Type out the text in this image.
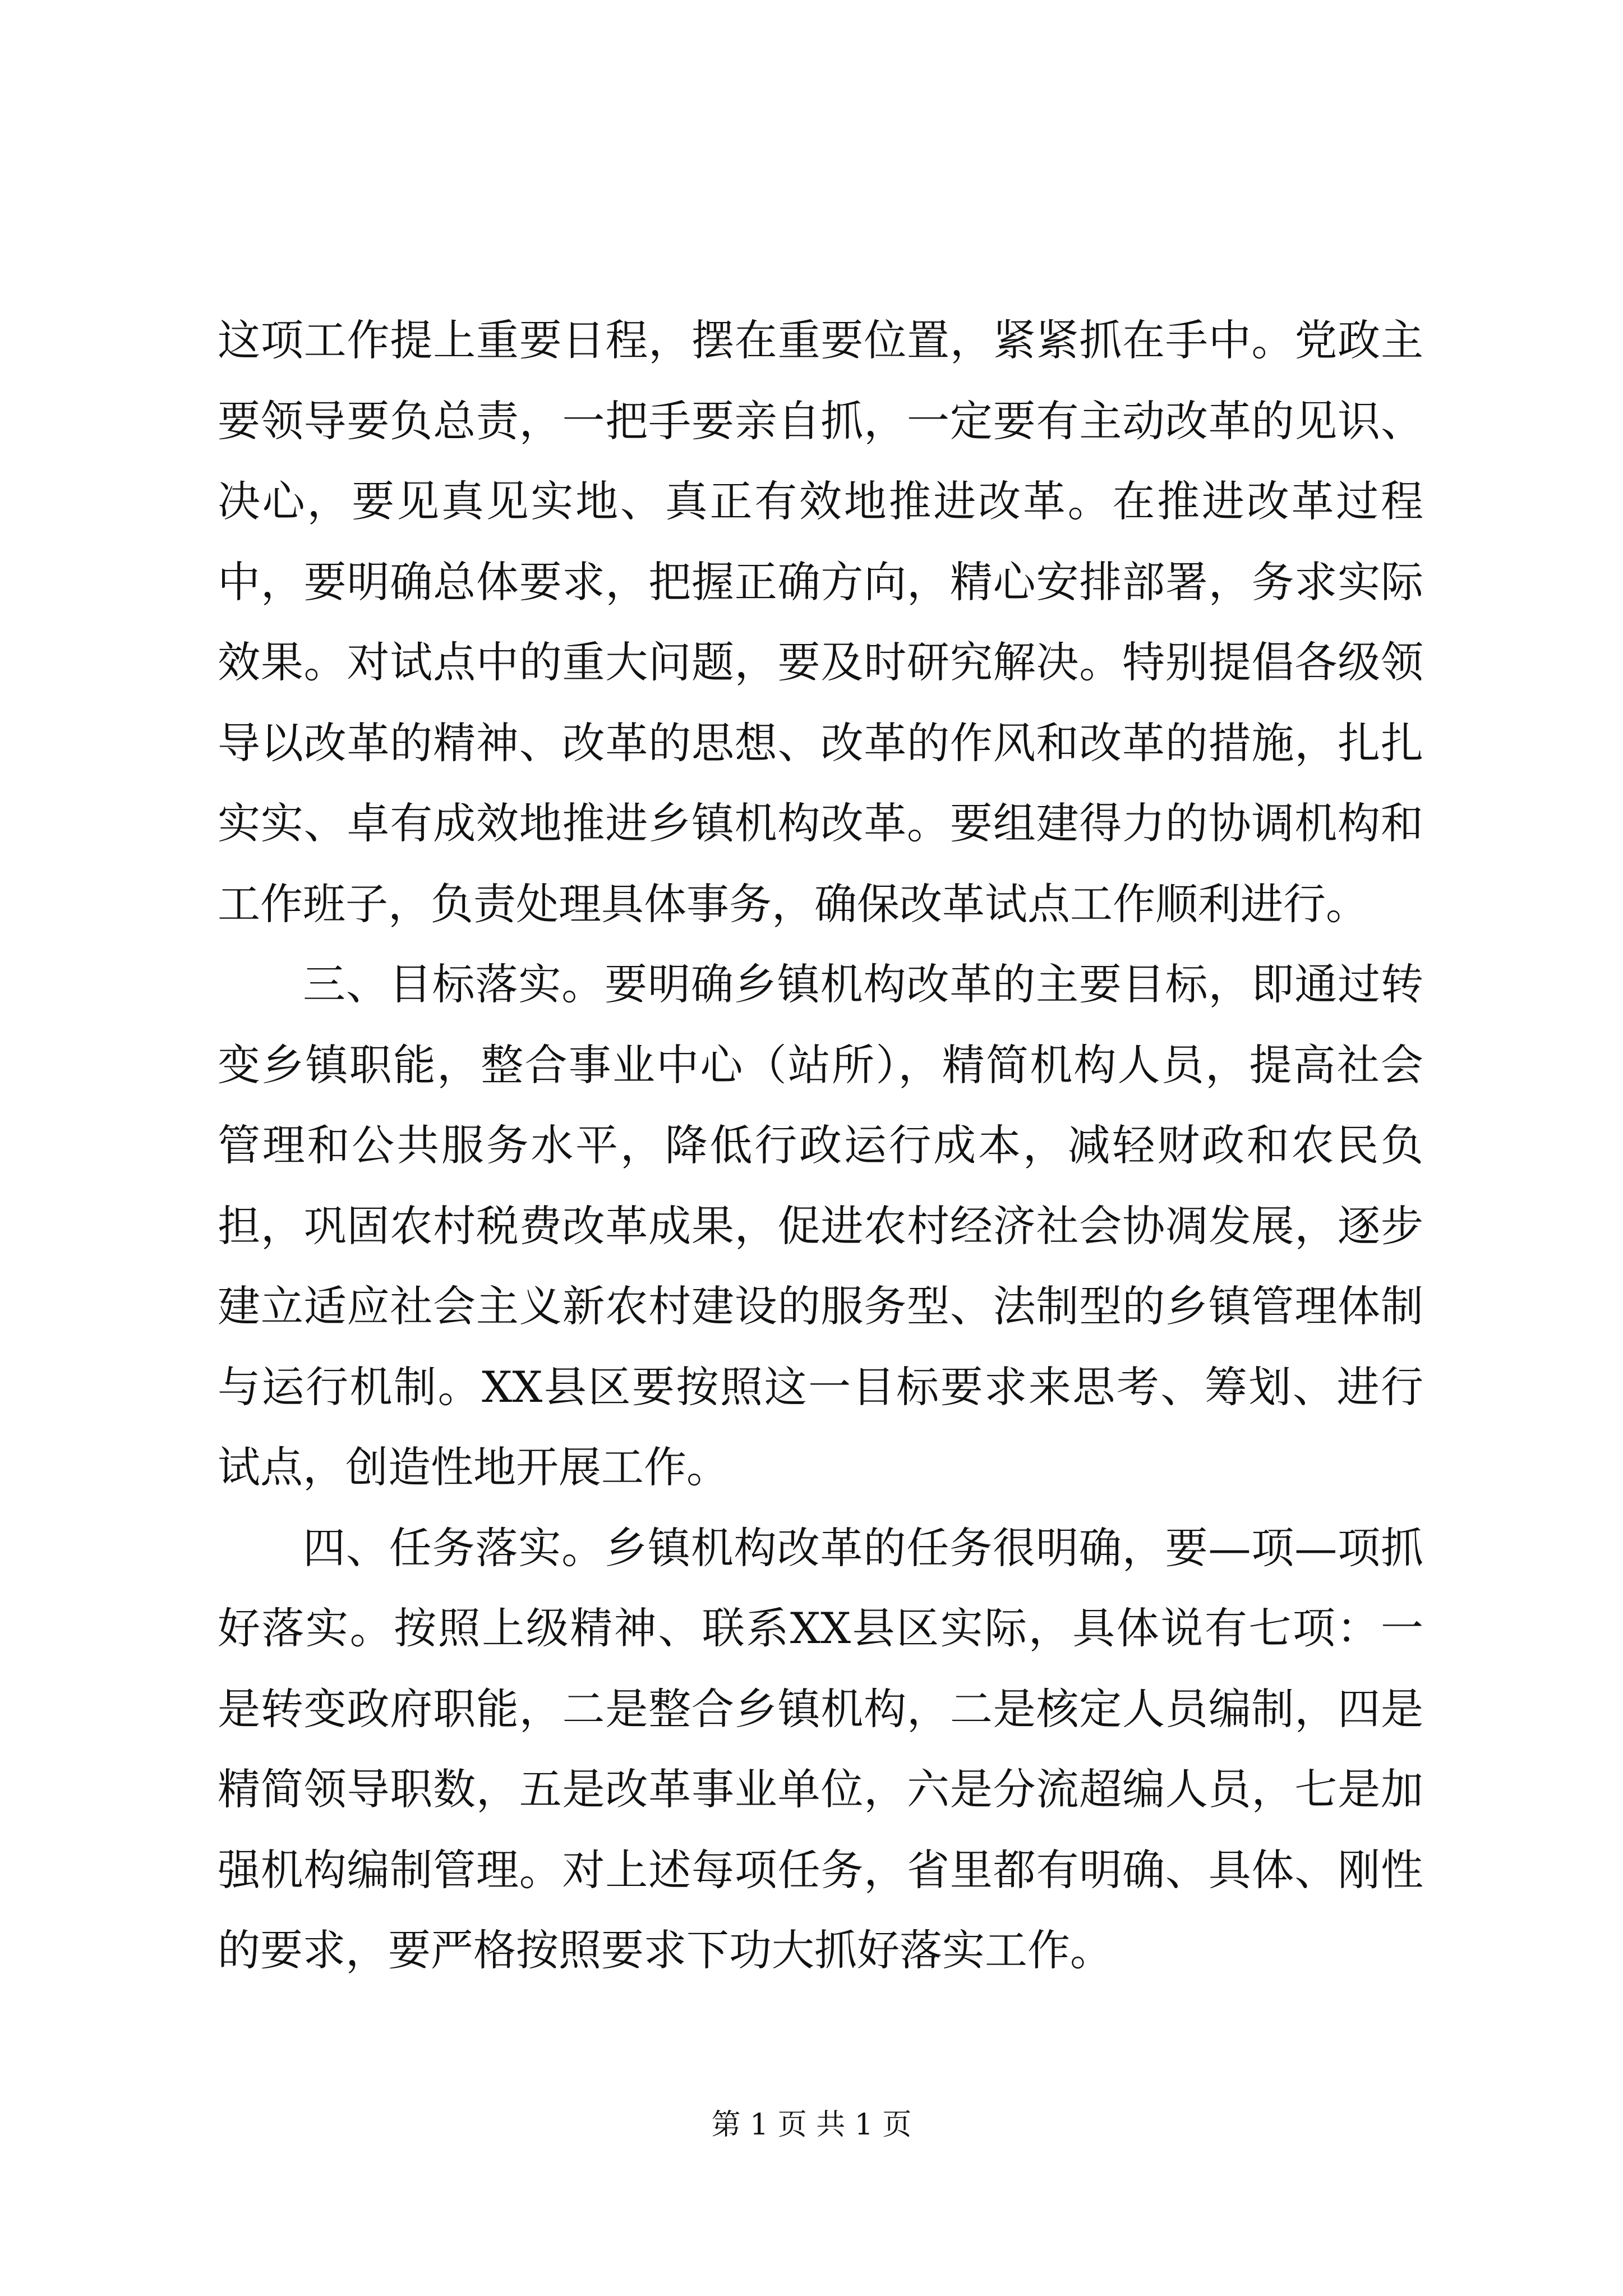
这项工作提上重要日程，摆在重要位置，紧紧抓在手中。党政主要领导要负总责，一把手要亲自抓，一定要有主动改革的见识、决心，要见真见实地、真正有效地推进改革。在推进改革过程中，要明确总体要求，把握正确方向，精心安排部署，务求实际效果。对试点中的重大问题，要及时研究解决。特别提倡各级领导以改革的精神、改革的思想、改革的作风和改革的措施，扎扎实实、卓有成效地推进乡镇机构改革。要组建得力的协调机构和工作班子，负责处理具体事务，确保改革试点工作顺利进行。

三、目标落实。要明确乡镇机构改革的主要目标，即通过转变乡镇职能，整合事业中心（站所），精简机构人员，提高社会管理和公共服务水平，降低行政运行成本，减轻财政和农民负担，巩固农村税费改革成果，促进农村经济社会协凋发展，逐步建立适应社会主义新农村建设的服务型、法制型的乡镇管理体制与运行机制。XX县区要按照这一目标要求来思考、筹划、进行试点，创造性地开展工作。

四、任务落实。乡镇机构改革的任务很明确，要—项—项抓好落实。按照上级精神、联系XX县区实际，具体说有七项：一是转变政府职能，二是整合乡镇机构，二是核定人员编制，四是精简领导职数，五是改革事业单位，六是分流超编人员，七是加强机构编制管理。对上述每项任务，省里都有明确、具体、刚性的要求，要严格按照要求下功大抓好落实工作。

第 1 页 共 1 页
